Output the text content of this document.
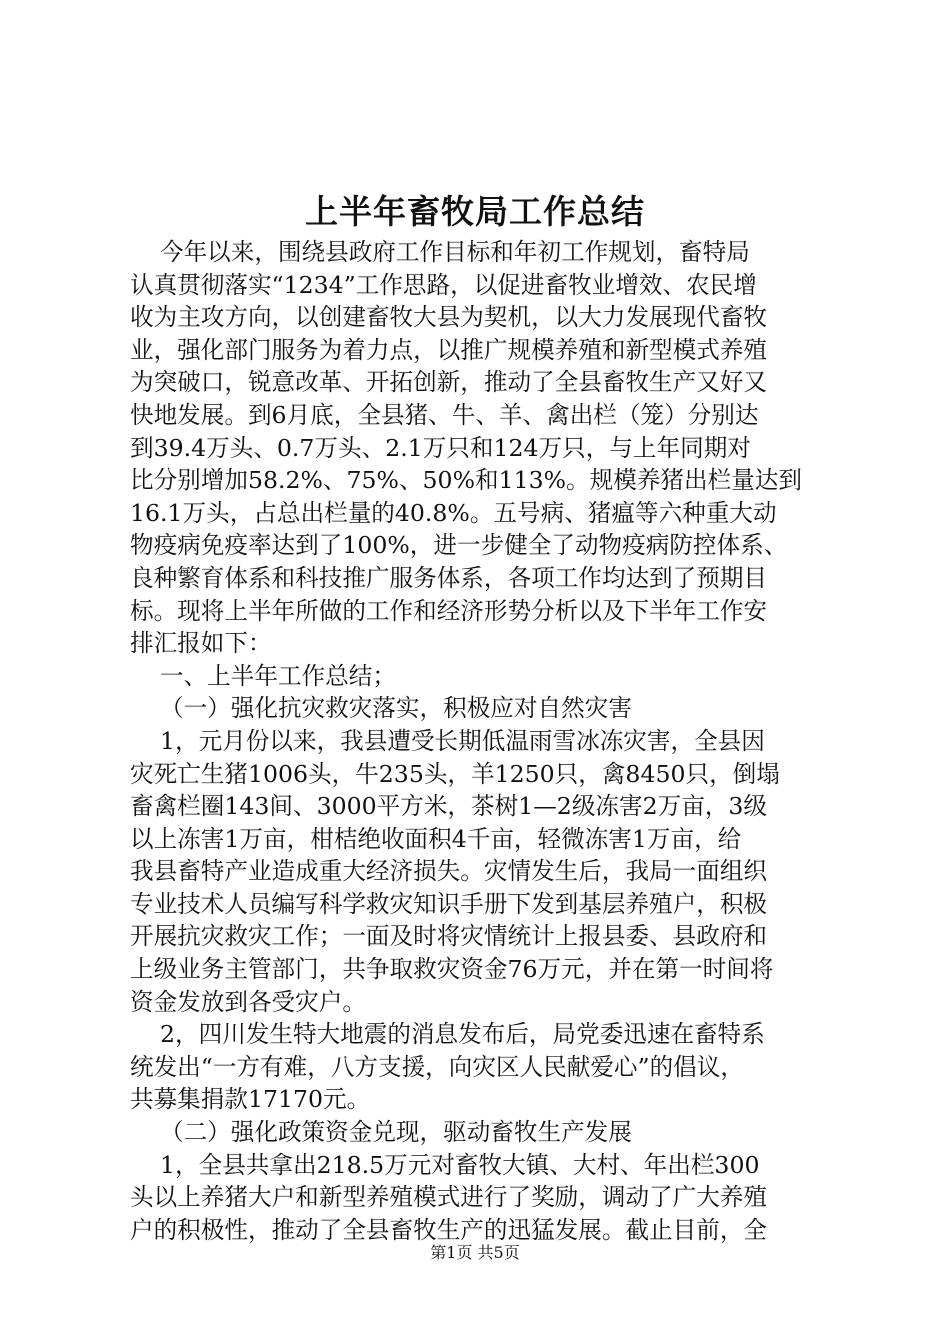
上半年畜牧局工作总结
今年以来，围绕县政府工作目标和年初工作规划，畜特局
认真贯彻落实“1234”工作思路，以促进畜牧业增效、农民增
收为主攻方向，以创建畜牧大县为契机，以大力发展现代畜牧
业，强化部门服务为着力点，以推广规模养殖和新型模式养殖
为突破口，锐意改革、开拓创新，推动了全县畜牧生产又好又
快地发展。到6月底，全县猪、牛、羊、禽出栏（笼）分别达
到39.4万头、0.7万头、2.1万只和124万只，与上年同期对
比分别增加58.2%、75%、50%和113%。规模养猪出栏量达到
16.1万头，占总出栏量的40.8%。五号病、猪瘟等六种重大动
物疫病免疫率达到了100%，进一步健全了动物疫病防控体系、
良种繁育体系和科技推广服务体系，各项工作均达到了预期目
标。现将上半年所做的工作和经济形势分析以及下半年工作安
排汇报如下：
一、上半年工作总结；
（一）强化抗灾救灾落实，积极应对自然灾害
1，元月份以来，我县遭受长期低温雨雪冰冻灾害，全县因
灾死亡生猪1006头，牛235头，羊1250只，禽8450只，倒塌
畜禽栏圈143间、3000平方米，茶树1—2级冻害2万亩，3级
以上冻害1万亩，柑桔绝收面积4千亩，轻微冻害1万亩，给
我县畜特产业造成重大经济损失。灾情发生后，我局一面组织
专业技术人员编写科学救灾知识手册下发到基层养殖户，积极
开展抗灾救灾工作；一面及时将灾情统计上报县委、县政府和
上级业务主管部门，共争取救灾资金76万元，并在第一时间将
资金发放到各受灾户。
2，四川发生特大地震的消息发布后，局党委迅速在畜特系
统发出“一方有难，八方支援，向灾区人民献爱心”的倡议，
共募集捐款17170元。
（二）强化政策资金兑现，驱动畜牧生产发展
1，全县共拿出218.5万元对畜牧大镇、大村、年出栏300
头以上养猪大户和新型养殖模式进行了奖励，调动了广大养殖
户的积极性，推动了全县畜牧生产的迅猛发展。截止目前，全
第1页 共5页
